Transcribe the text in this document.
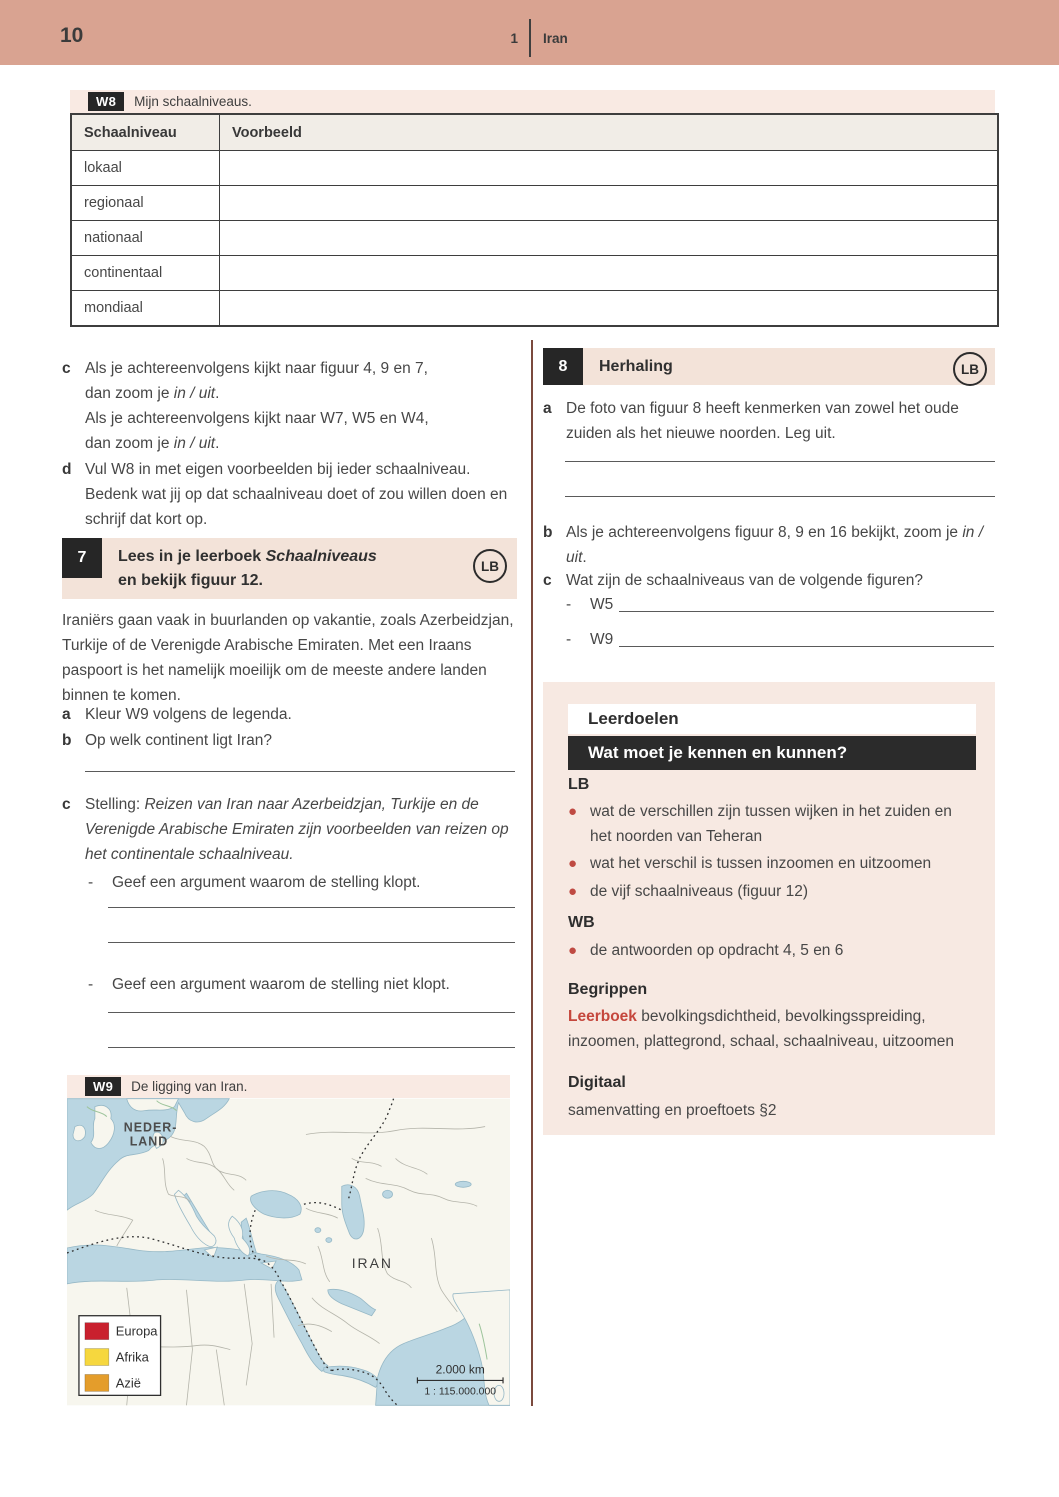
10	1 Iran
W8	Mijn schaalniveaus.
Schaalniveau	Voorbeeld
lokaal
regionaal
nationaal
continentaal
mondiaal
c Als je achtereenvolgens kijkt naar figuur 4, 9 en 7,
dan zoom je in / uit.
Als je achtereenvolgens kijkt naar W7, W5 en W4,
dan zoom je in / uit.
d Vul W8 in met eigen voorbeelden bij ieder schaalniveau. Bedenk wat jij op dat schaalniveau doet of zou willen doen en schrijf dat kort op.
7	Lees in je leerboek Schaalniveaus
en bekijk figuur 12.
LB
Iraniërs gaan vaak in buurlanden op vakantie, zoals Azerbeidzjan, Turkije of de Verenigde Arabische Emiraten. Met een Iraans paspoort is het namelijk moeilijk om de meeste andere landen binnen te komen.
a Kleur W9 volgens de legenda.
b Op welk continent ligt Iran?
c Stelling: Reizen van Iran naar Azerbeidzjan, Turkije en de Verenigde Arabische Emiraten zijn voorbeelden van reizen op het continentale schaalniveau.
-	Geef een argument waarom de stelling klopt.
-	Geef een argument waarom de stelling niet klopt.
8	Herhaling	LB
a De foto van figuur 8 heeft kenmerken van zowel het oude zuiden als het nieuwe noorden. Leg uit.
b Als je achtereenvolgens figuur 8, 9 en 16 bekijkt, zoom je in / uit.
c Wat zijn de schaalniveaus van de volgende figuren?
-	W5
-	W9
Leerdoelen
Wat moet je kennen en kunnen?
LB
● wat de verschillen zijn tussen wijken in het zuiden en het noorden van Teheran
● wat het verschil is tussen inzoomen en uitzoomen
● de vijf schaalniveaus (figuur 12)
WB
● de antwoorden op opdracht 4, 5 en 6
Begrippen
Leerboek bevolkingsdichtheid, bevolkingsspreiding, inzoomen, plattegrond, schaal, schaalniveau, uitzoomen
Digitaal
samenvatting en proeftoets §2
W9	De ligging van Iran.
NEDER-
LAND
IRAN
Europa
Afrika
Azië
2.000 km
1 : 115.000.000
